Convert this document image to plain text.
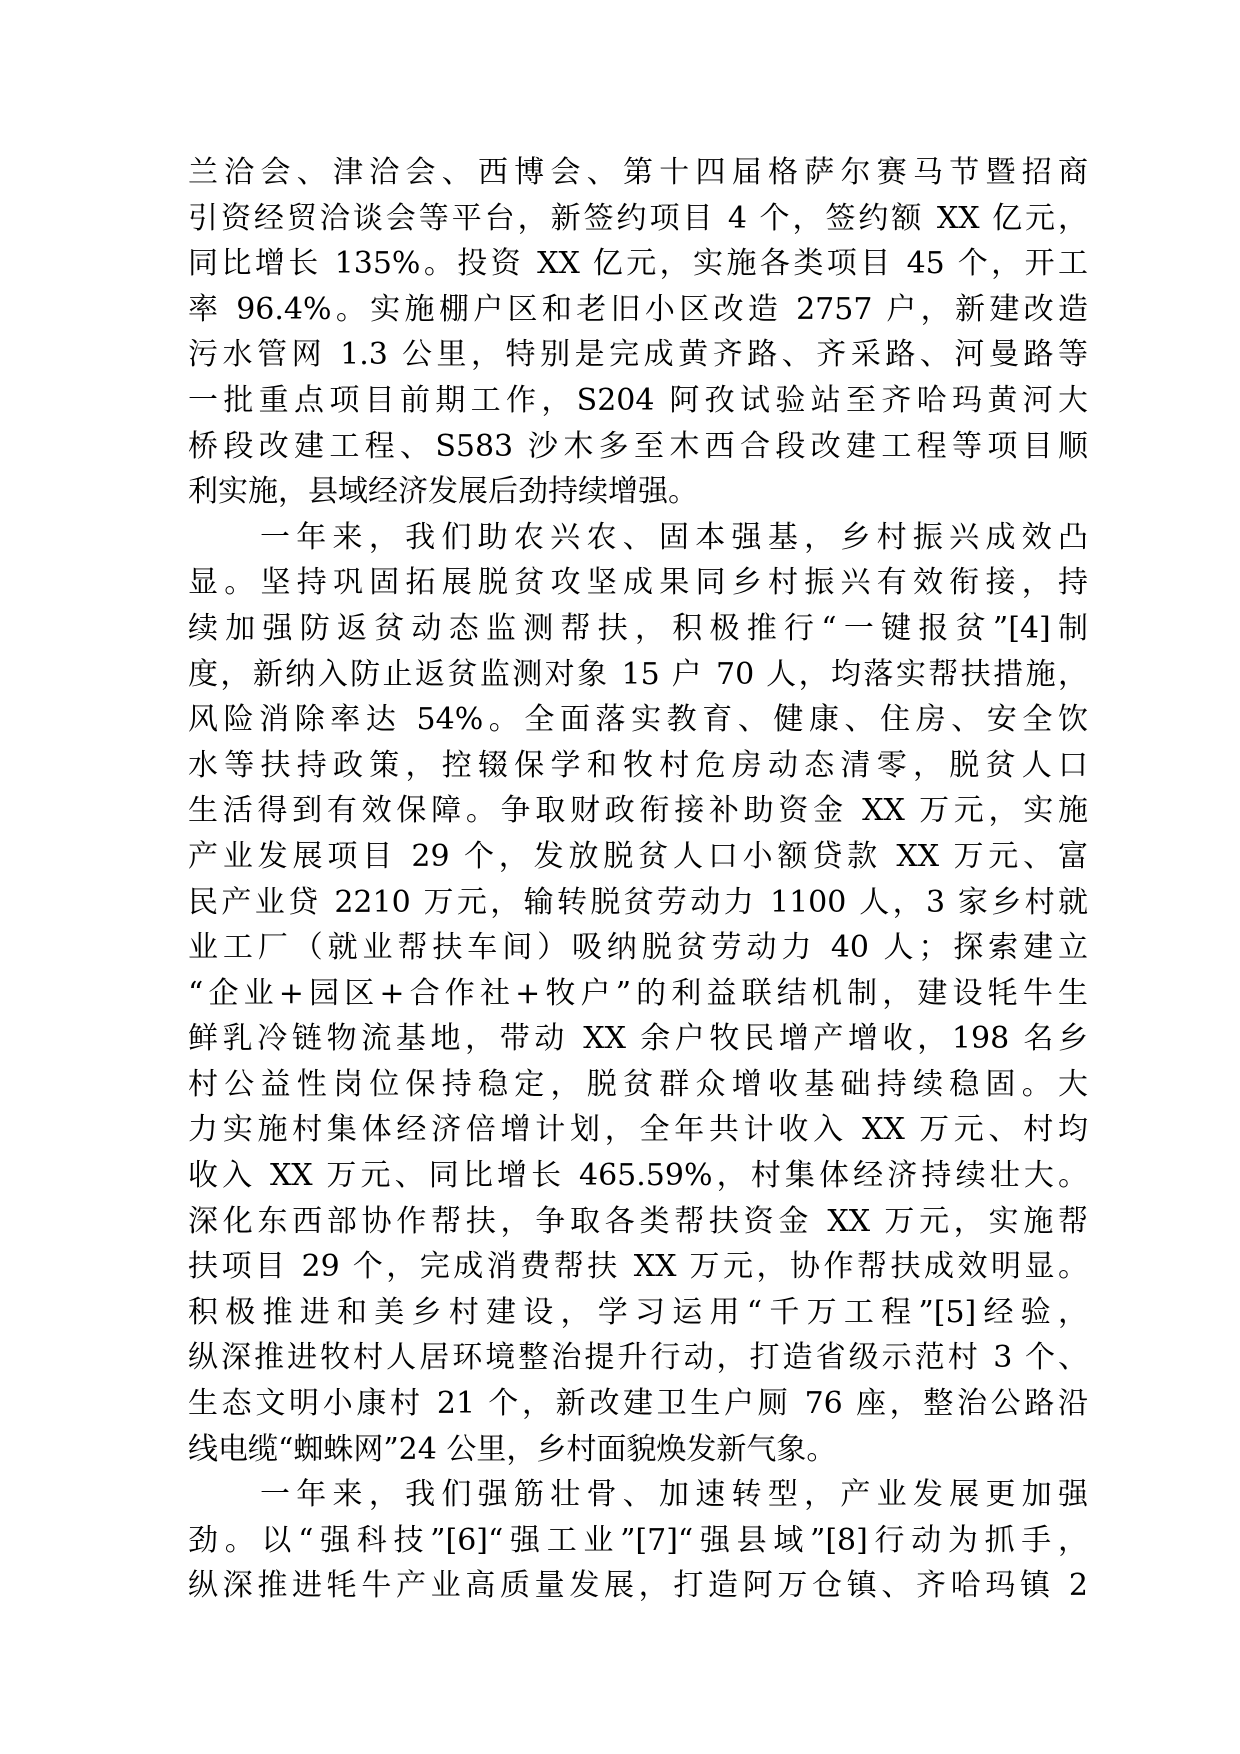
兰洽会、津洽会、西博会、第十四届格萨尔赛马节暨招商
引资经贸洽谈会等平台，新签约项目 4 个，签约额 XX 亿元，
同比增长 135%。投资 XX 亿元，实施各类项目 45 个，开工
率 96.4%。实施棚户区和老旧小区改造 2757 户，新建改造
污水管网 1.3 公里，特别是完成黄齐路、齐采路、河曼路等
一批重点项目前期工作，S204 阿孜试验站至齐哈玛黄河大
桥段改建工程、S583 沙木多至木西合段改建工程等项目顺
利实施，县域经济发展后劲持续增强。
一年来，我们助农兴农、固本强基，乡村振兴成效凸
显。坚持巩固拓展脱贫攻坚成果同乡村振兴有效衔接，持
续加强防返贫动态监测帮扶，积极推行“一键报贫”[4]制
度，新纳入防止返贫监测对象 15 户 70 人，均落实帮扶措施，
风险消除率达 54%。全面落实教育、健康、住房、安全饮
水等扶持政策，控辍保学和牧村危房动态清零，脱贫人口
生活得到有效保障。争取财政衔接补助资金 XX 万元，实施
产业发展项目 29 个，发放脱贫人口小额贷款 XX 万元、富
民产业贷 2210 万元，输转脱贫劳动力 1100 人，3 家乡村就
业工厂（就业帮扶车间）吸纳脱贫劳动力 40 人；探索建立
“企业+园区+合作社+牧户”的利益联结机制，建设牦牛生
鲜乳冷链物流基地，带动 XX 余户牧民增产增收，198 名乡
村公益性岗位保持稳定，脱贫群众增收基础持续稳固。大
力实施村集体经济倍增计划，全年共计收入 XX 万元、村均
收入 XX 万元、同比增长 465.59%，村集体经济持续壮大。
深化东西部协作帮扶，争取各类帮扶资金 XX 万元，实施帮
扶项目 29 个，完成消费帮扶 XX 万元，协作帮扶成效明显。
积极推进和美乡村建设，学习运用“千万工程”[5]经验，
纵深推进牧村人居环境整治提升行动，打造省级示范村 3 个、
生态文明小康村 21 个，新改建卫生户厕 76 座，整治公路沿
线电缆“蜘蛛网”24 公里，乡村面貌焕发新气象。
一年来，我们强筋壮骨、加速转型，产业发展更加强
劲。以“强科技”[6]“强工业”[7]“强县域”[8]行动为抓手，
纵深推进牦牛产业高质量发展，打造阿万仓镇、齐哈玛镇 2
